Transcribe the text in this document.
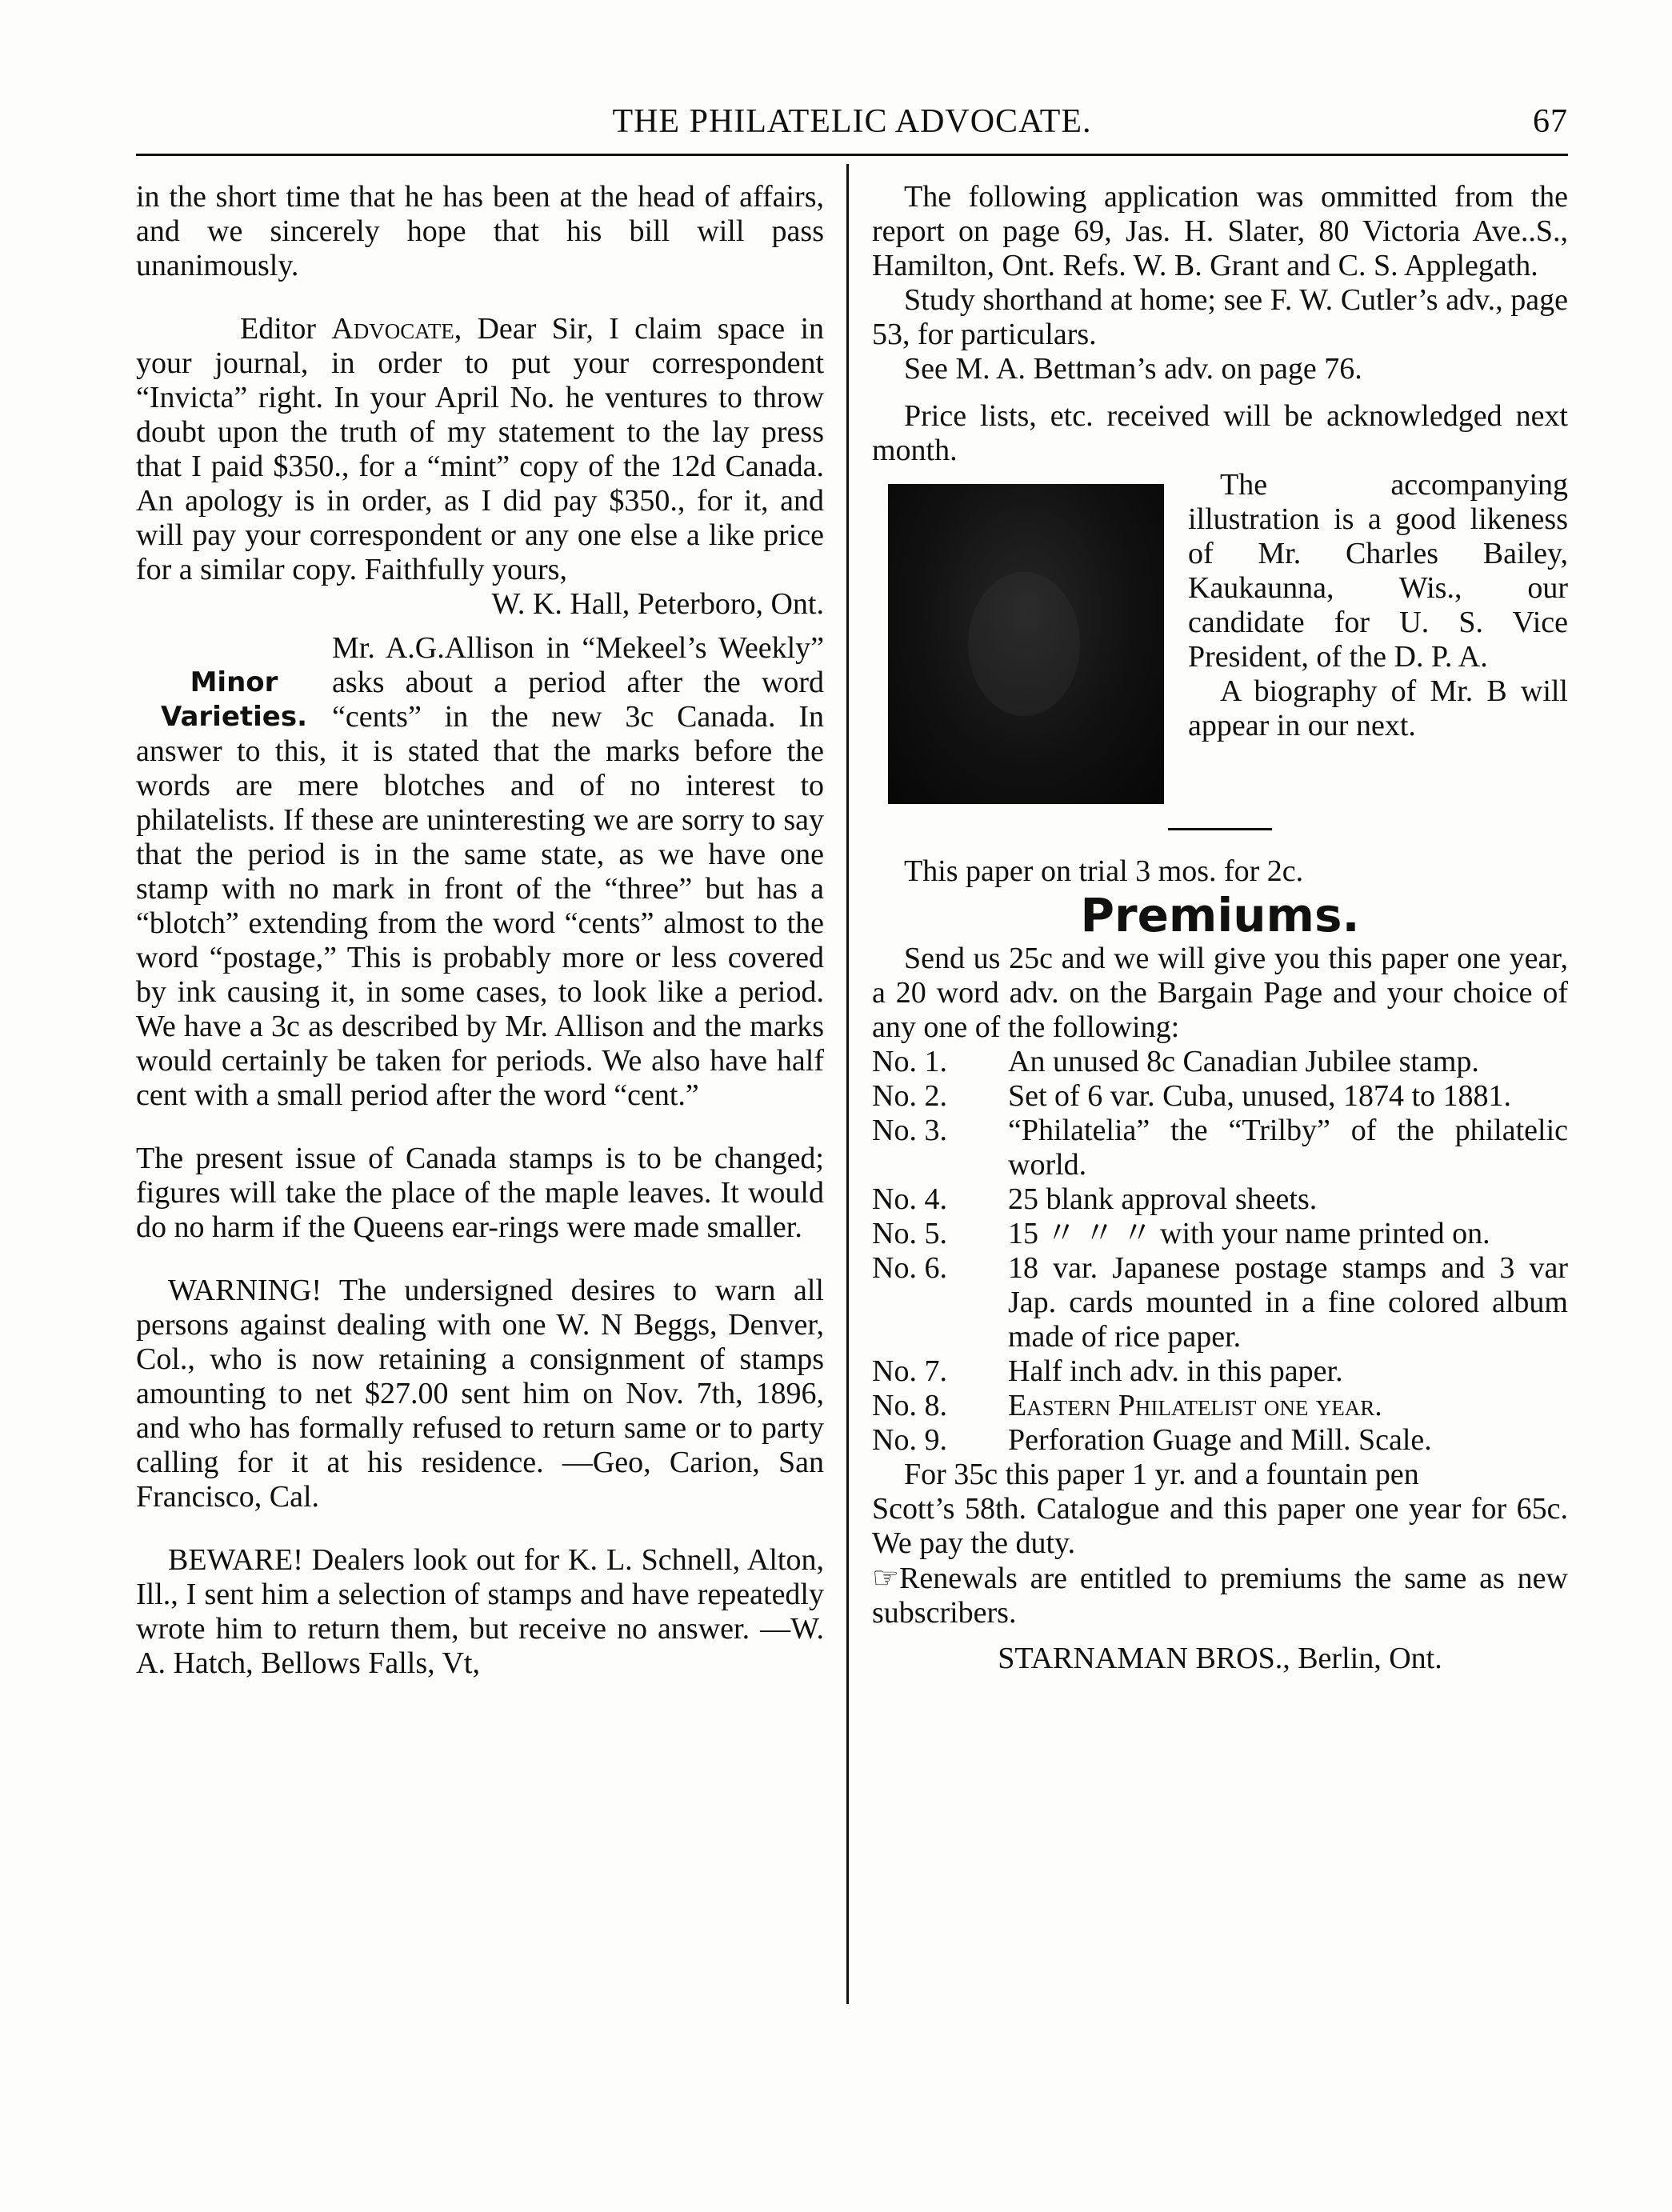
THE PHILATELIC ADVOCATE.	67

in the short time that he has been at the head of affairs, and we sincerely hope that his bill will pass unanimously.

Editor Advocate, Dear Sir, I claim space in your journal, in order to put your correspondent “Invicta” right. In your April No. he ventures to throw doubt upon the truth of my statement to the lay press that I paid $350., for a “mint” copy of the 12d Canada. An apology is in order, as I did pay $350., for it, and will pay your correspondent or any one else a like price for a similar copy. Faithfully yours,

W. K. Hall, Peterboro, Ont.

Minor
Varieties.

Mr. A.G.Allison in “Mekeel’s Weekly” asks about a period after the word “cents” in the new 3c Canada. In answer to this, it is stated that the marks before the words are mere blotches and of no interest to philatelists. If these are uninteresting we are sorry to say that the period is in the same state, as we have one stamp with no mark in front of the “three” but has a “blotch” extending from the word “cents” almost to the word “postage,” This is probably more or less covered by ink causing it, in some cases, to look like a period. We have a 3c as described by Mr. Allison and the marks would certainly be taken for periods. We also have half cent with a small period after the word “cent.”

The present issue of Canada stamps is to be changed; figures will take the place of the maple leaves. It would do no harm if the Queens ear-rings were made smaller.

WARNING! The undersigned desires to warn all persons against dealing with one W. N Beggs, Denver, Col., who is now retaining a consignment of stamps amounting to net $27.00 sent him on Nov. 7th, 1896, and who has formally refused to return same or to party calling for it at his residence. —Geo, Carion, San Francisco, Cal.

BEWARE! Dealers look out for K. L. Schnell, Alton, Ill., I sent him a selection of stamps and have repeatedly wrote him to return them, but receive no answer. —W. A. Hatch, Bellows Falls, Vt,

The following application was ommitted from the report on page 69, Jas. H. Slater, 80 Victoria Ave..S., Hamilton, Ont. Refs. W. B. Grant and C. S. Applegath.

Study shorthand at home; see F. W. Cutler’s adv., page 53, for particulars.

See M. A. Bettman’s adv. on page 76.

Price lists, etc. received will be acknowledged next month.

The accompanying illustration is a good likeness of Mr. Charles Bailey, Kaukaunna, Wis., our candidate for U. S. Vice President, of the D. P. A.

A biography of Mr. B will appear in our next.

This paper on trial 3 mos. for 2c.

Premiums.

Send us 25c and we will give you this paper one year, a 20 word adv. on the Bargain Page and your choice of any one of the following:

No. 1.	An unused 8c Canadian Jubilee stamp.
No. 2.	Set of 6 var. Cuba, unused, 1874 to 1881.
No. 3.	“Philatelia” the “Trilby” of the philatelic world.
No. 4.	25 blank approval sheets.
No. 5.	15 〃 〃 〃 with your name printed on.
No. 6.	18 var. Japanese postage stamps and 3 var Jap. cards mounted in a fine colored album made of rice paper.
No. 7.	Half inch adv. in this paper.
No. 8.	Eastern Philatelist one year.
No. 9.	Perforation Guage and Mill. Scale.

For 35c this paper 1 yr. and a fountain pen

Scott’s 58th. Catalogue and this paper one year for 65c. We pay the duty.

☞Renewals are entitled to premiums the same as new subscribers.

STARNAMAN BROS., Berlin, Ont.
